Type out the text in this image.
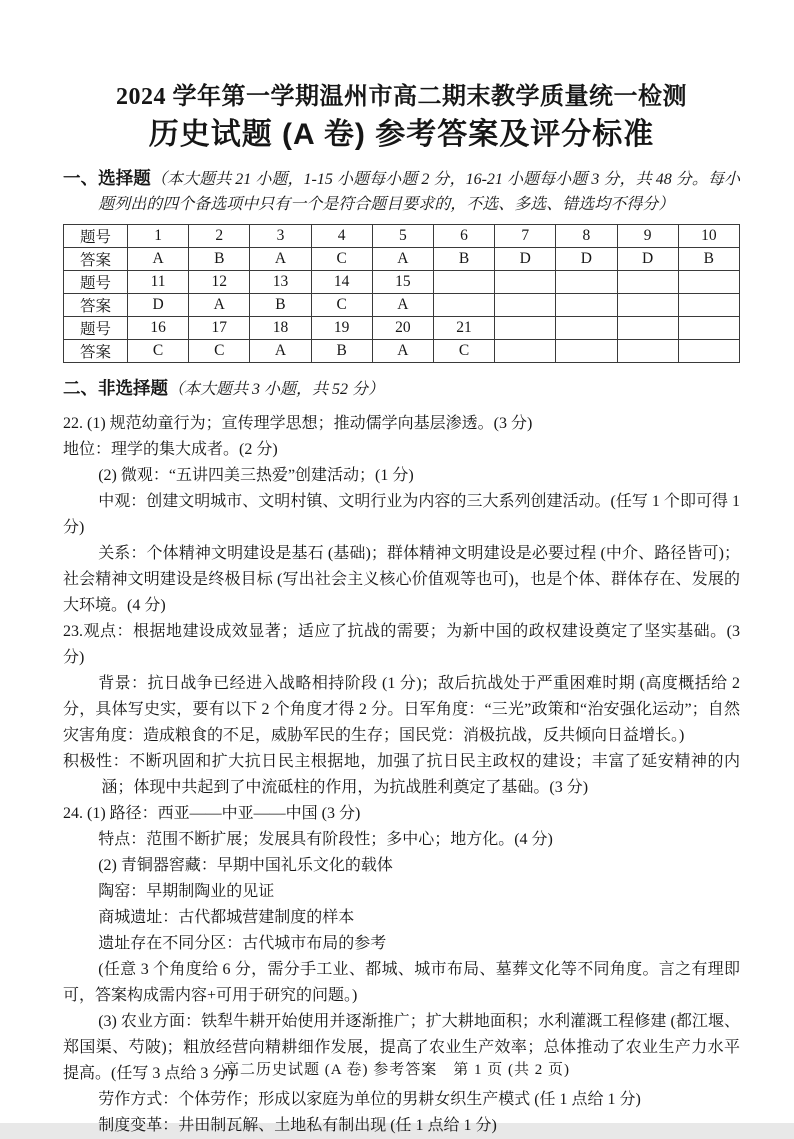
2024 学年第一学期温州市高二期末教学质量统一检测
历史试题 (A 卷) 参考答案及评分标准

一、选择题（本大题共 21 小题，1-15 小题每小题 2 分，16-21 小题每小题 3 分，共 48 分。每小题列出的四个备选项中只有一个是符合题目要求的，不选、多选、错选均不得分）

题号	1	2	3	4	5	6	7	8	9	10
答案	A	B	A	C	A	B	D	D	D	B
题号	11	12	13	14	15					
答案	D	A	B	C	A					
题号	16	17	18	19	20	21				
答案	C	C	A	B	A	C				

二、非选择题（本大题共 3 小题，共 52 分）

22. (1) 规范幼童行为；宣传理学思想；推动儒学向基层渗透。(3 分)

地位：理学的集大成者。(2 分)

(2) 微观：“五讲四美三热爱”创建活动；(1 分)

中观：创建文明城市、文明村镇、文明行业为内容的三大系列创建活动。(任写 1 个即可得 1 分)

关系：个体精神文明建设是基石 (基础)；群体精神文明建设是必要过程 (中介、路径皆可)；社会精神文明建设是终极目标 (写出社会主义核心价值观等也可)，也是个体、群体存在、发展的大环境。(4 分)

23.观点：根据地建设成效显著；适应了抗战的需要；为新中国的政权建设奠定了坚实基础。(3 分)

背景：抗日战争已经进入战略相持阶段 (1 分)；敌后抗战处于严重困难时期 (高度概括给 2 分，具体写史实，要有以下 2 个角度才得 2 分。日军角度：“三光”政策和“治安强化运动”；自然灾害角度：造成粮食的不足，威胁军民的生存；国民党：消极抗战，反共倾向日益增长。)

积极性：不断巩固和扩大抗日民主根据地，加强了抗日民主政权的建设；丰富了延安精神的内涵；体现中共起到了中流砥柱的作用，为抗战胜利奠定了基础。(3 分)

24. (1) 路径：西亚——中亚——中国 (3 分)

特点：范围不断扩展；发展具有阶段性；多中心；地方化。(4 分)

(2) 青铜器窖藏：早期中国礼乐文化的载体

陶窑：早期制陶业的见证

商城遗址：古代都城营建制度的样本

遗址存在不同分区：古代城市布局的参考

(任意 3 个角度给 6 分，需分手工业、都城、城市布局、墓葬文化等不同角度。言之有理即可，答案构成需内容+可用于研究的问题。)

(3) 农业方面：铁犁牛耕开始使用并逐渐推广；扩大耕地面积；水利灌溉工程修建 (都江堰、郑国渠、芍陂)；粗放经营向精耕细作发展，提高了农业生产效率；总体推动了农业生产力水平提高。(任写 3 点给 3 分)

劳作方式：个体劳作；形成以家庭为单位的男耕女织生产模式 (任 1 点给 1 分)

制度变革：井田制瓦解、土地私有制出现 (任 1 点给 1 分)

高二历史试题 (A 卷) 参考答案　第 1 页 (共 2 页)
